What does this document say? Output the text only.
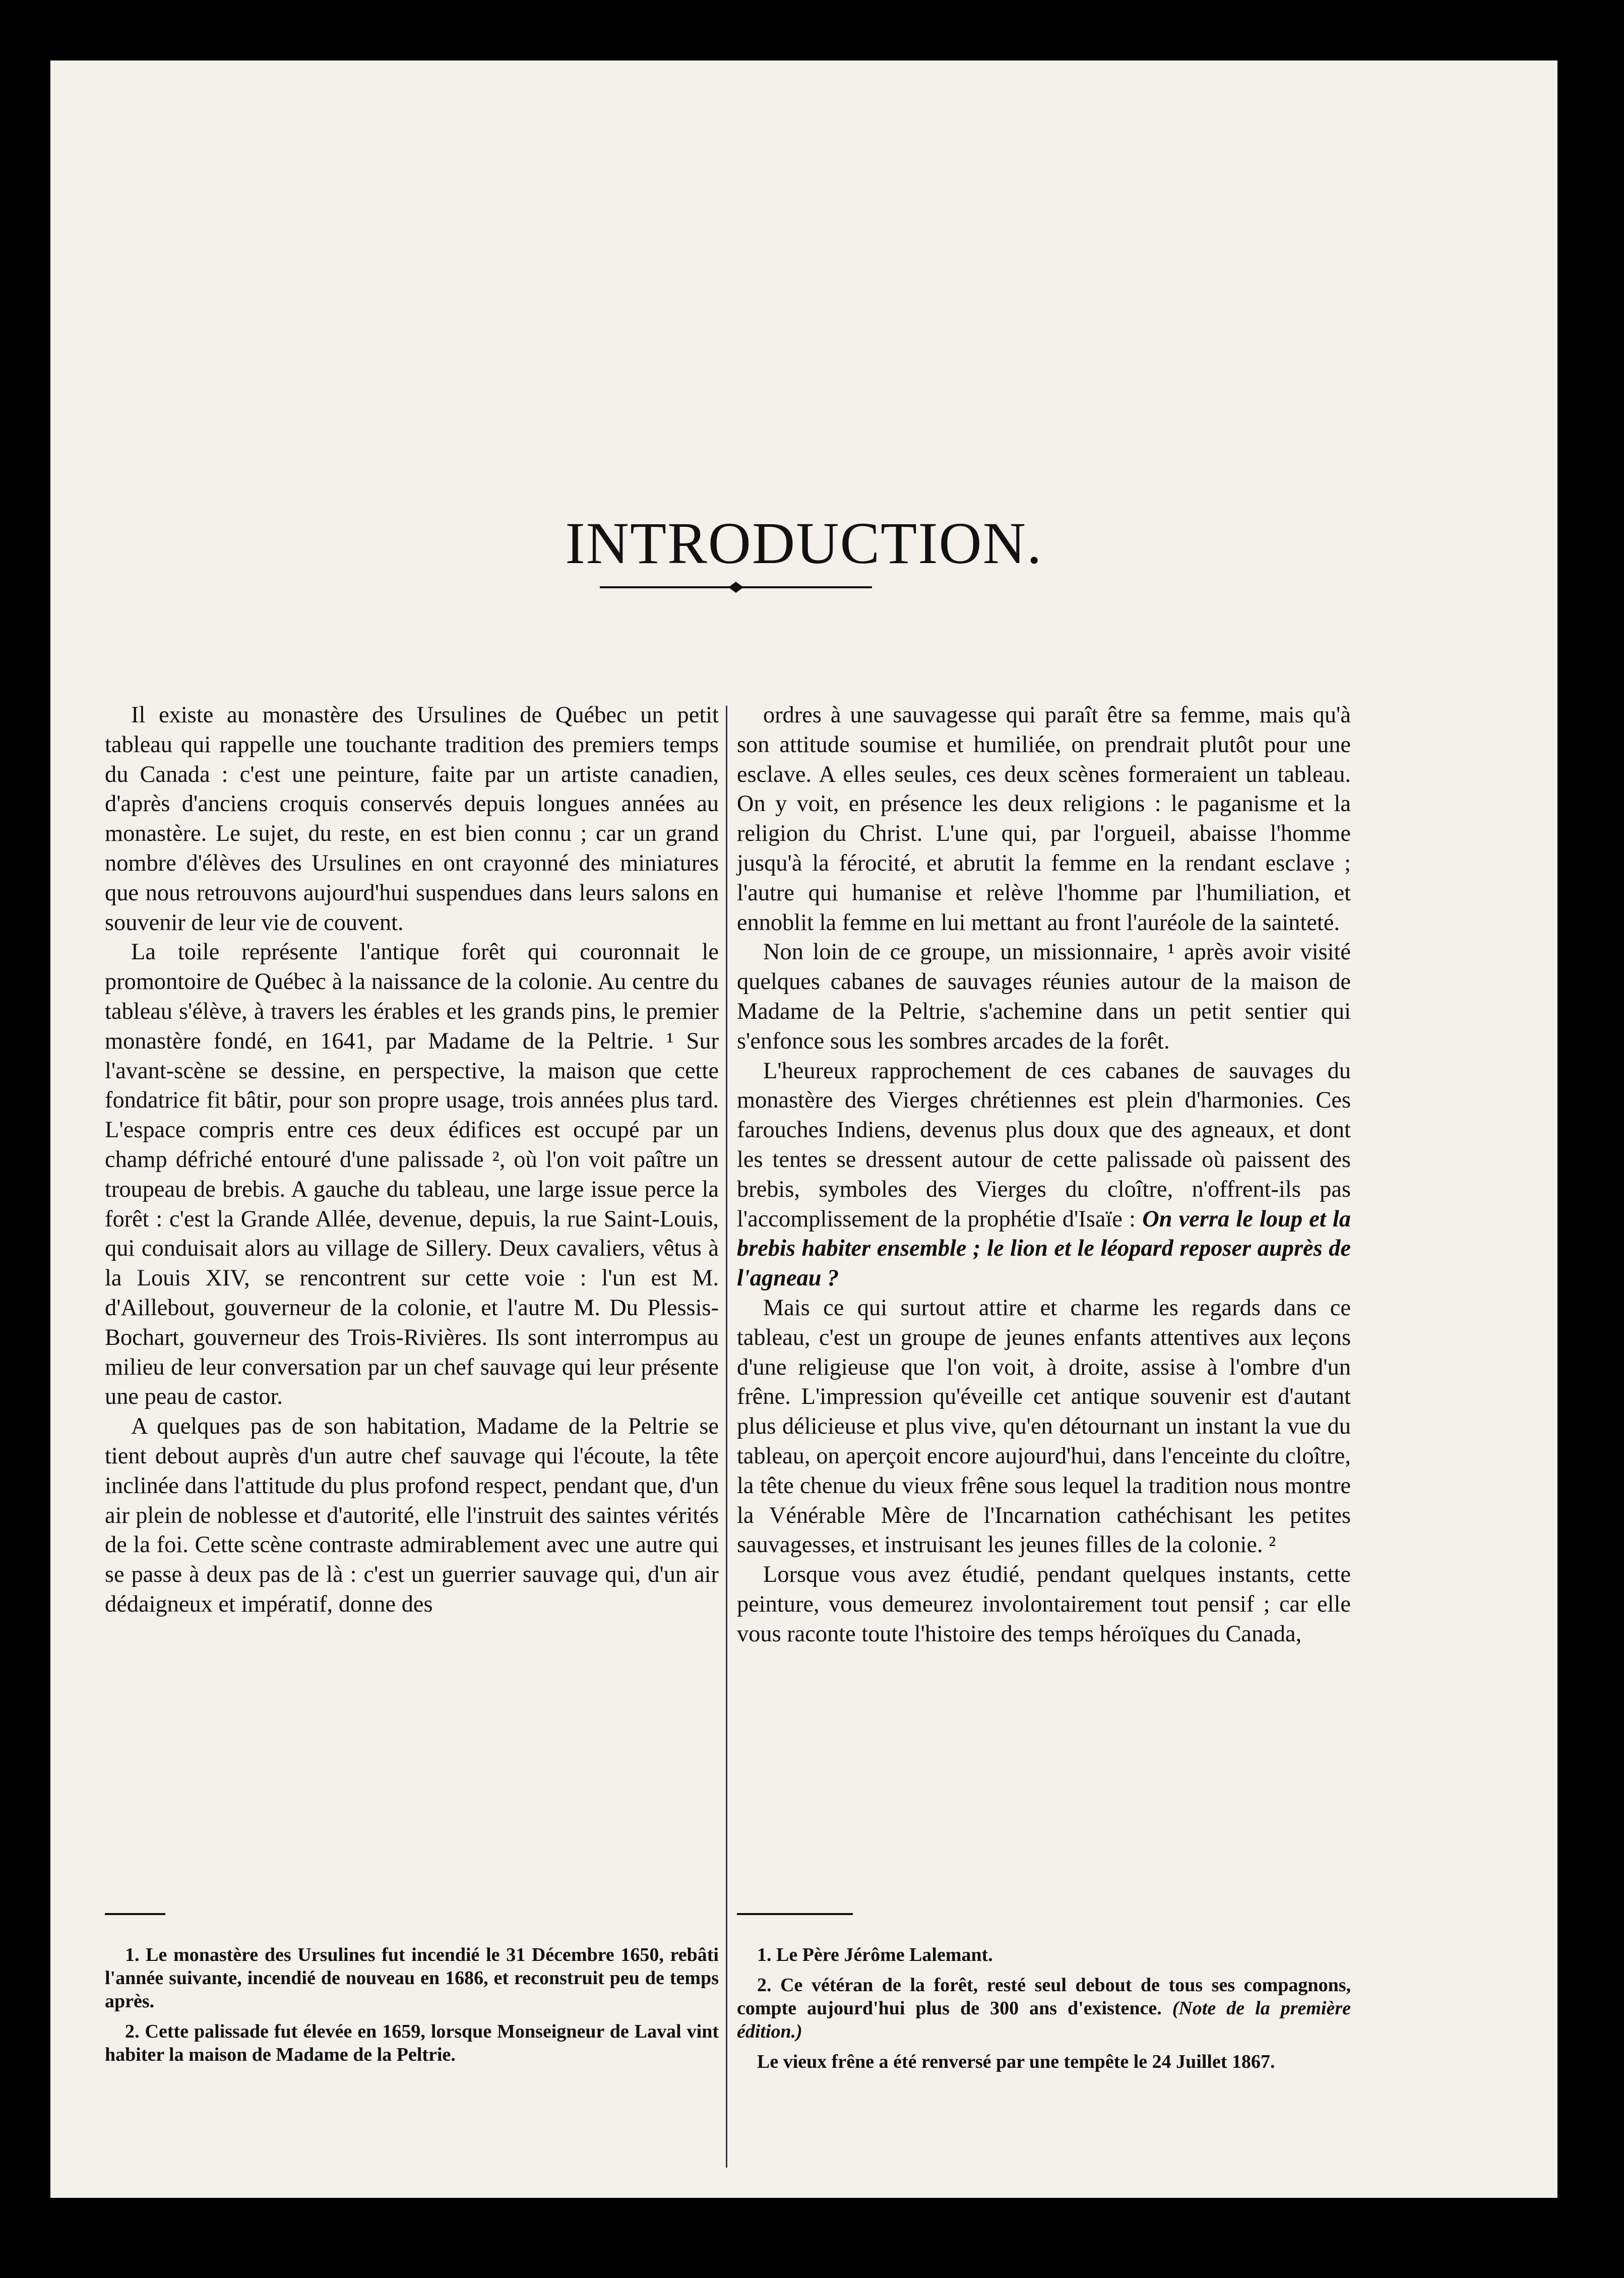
INTRODUCTION.

Il existe au monastère des Ursulines de Québec un petit tableau qui rappelle une touchante tradition des premiers temps du Canada : c'est une peinture, faite par un artiste canadien, d'après d'anciens croquis conservés depuis longues années au monastère. Le sujet, du reste, en est bien connu ; car un grand nombre d'élèves des Ursulines en ont crayonné des miniatures que nous retrouvons aujourd'hui suspendues dans leurs salons en souvenir de leur vie de couvent.

La toile représente l'antique forêt qui couronnait le promontoire de Québec à la naissance de la colonie. Au centre du tableau s'élève, à travers les érables et les grands pins, le premier monastère fondé, en 1641, par Madame de la Peltrie. ¹ Sur l'avant-scène se dessine, en perspective, la maison que cette fondatrice fit bâtir, pour son propre usage, trois années plus tard. L'espace compris entre ces deux édifices est occupé par un champ défriché entouré d'une palissade ², où l'on voit paître un troupeau de brebis. A gauche du tableau, une large issue perce la forêt : c'est la Grande Allée, devenue, depuis, la rue Saint-Louis, qui conduisait alors au village de Sillery. Deux cavaliers, vêtus à la Louis XIV, se rencontrent sur cette voie : l'un est M. d'Aillebout, gouverneur de la colonie, et l'autre M. Du Plessis-Bochart, gouverneur des Trois-Rivières. Ils sont interrompus au milieu de leur conversation par un chef sauvage qui leur présente une peau de castor.

A quelques pas de son habitation, Madame de la Peltrie se tient debout auprès d'un autre chef sauvage qui l'écoute, la tête inclinée dans l'attitude du plus profond respect, pendant que, d'un air plein de noblesse et d'autorité, elle l'instruit des saintes vérités de la foi. Cette scène contraste admirablement avec une autre qui se passe à deux pas de là : c'est un guerrier sauvage qui, d'un air dédaigneux et impératif, donne des

ordres à une sauvagesse qui paraît être sa femme, mais qu'à son attitude soumise et humiliée, on prendrait plutôt pour une esclave. A elles seules, ces deux scènes formeraient un tableau. On y voit, en présence les deux religions : le paganisme et la religion du Christ. L'une qui, par l'orgueil, abaisse l'homme jusqu'à la férocité, et abrutit la femme en la rendant esclave ; l'autre qui humanise et relève l'homme par l'humiliation, et ennoblit la femme en lui mettant au front l'auréole de la sainteté.

Non loin de ce groupe, un missionnaire, ¹ après avoir visité quelques cabanes de sauvages réunies autour de la maison de Madame de la Peltrie, s'achemine dans un petit sentier qui s'enfonce sous les sombres arcades de la forêt.

L'heureux rapprochement de ces cabanes de sauvages du monastère des Vierges chrétiennes est plein d'harmonies. Ces farouches Indiens, devenus plus doux que des agneaux, et dont les tentes se dressent autour de cette palissade où paissent des brebis, symboles des Vierges du cloître, n'offrent-ils pas l'accomplissement de la prophétie d'Isaïe : On verra le loup et la brebis habiter ensemble ; le lion et le léopard reposer auprès de l'agneau ?

Mais ce qui surtout attire et charme les regards dans ce tableau, c'est un groupe de jeunes enfants attentives aux leçons d'une religieuse que l'on voit, à droite, assise à l'ombre d'un frêne. L'impression qu'éveille cet antique souvenir est d'autant plus délicieuse et plus vive, qu'en détournant un instant la vue du tableau, on aperçoit encore aujourd'hui, dans l'enceinte du cloître, la tête chenue du vieux frêne sous lequel la tradition nous montre la Vénérable Mère de l'Incarnation cathéchisant les petites sauvagesses, et instruisant les jeunes filles de la colonie. ²

Lorsque vous avez étudié, pendant quelques instants, cette peinture, vous demeurez involontairement tout pensif ; car elle vous raconte toute l'histoire des temps héroïques du Canada,

1. Le monastère des Ursulines fut incendié le 31 Décembre 1650, rebâti l'année suivante, incendié de nouveau en 1686, et reconstruit peu de temps après.

2. Cette palissade fut élevée en 1659, lorsque Monseigneur de Laval vint habiter la maison de Madame de la Peltrie.

1. Le Père Jérôme Lalemant.

2. Ce vétéran de la forêt, resté seul debout de tous ses compagnons, compte aujourd'hui plus de 300 ans d'existence. (Note de la première édition.)

Le vieux frêne a été renversé par une tempête le 24 Juillet 1867.
